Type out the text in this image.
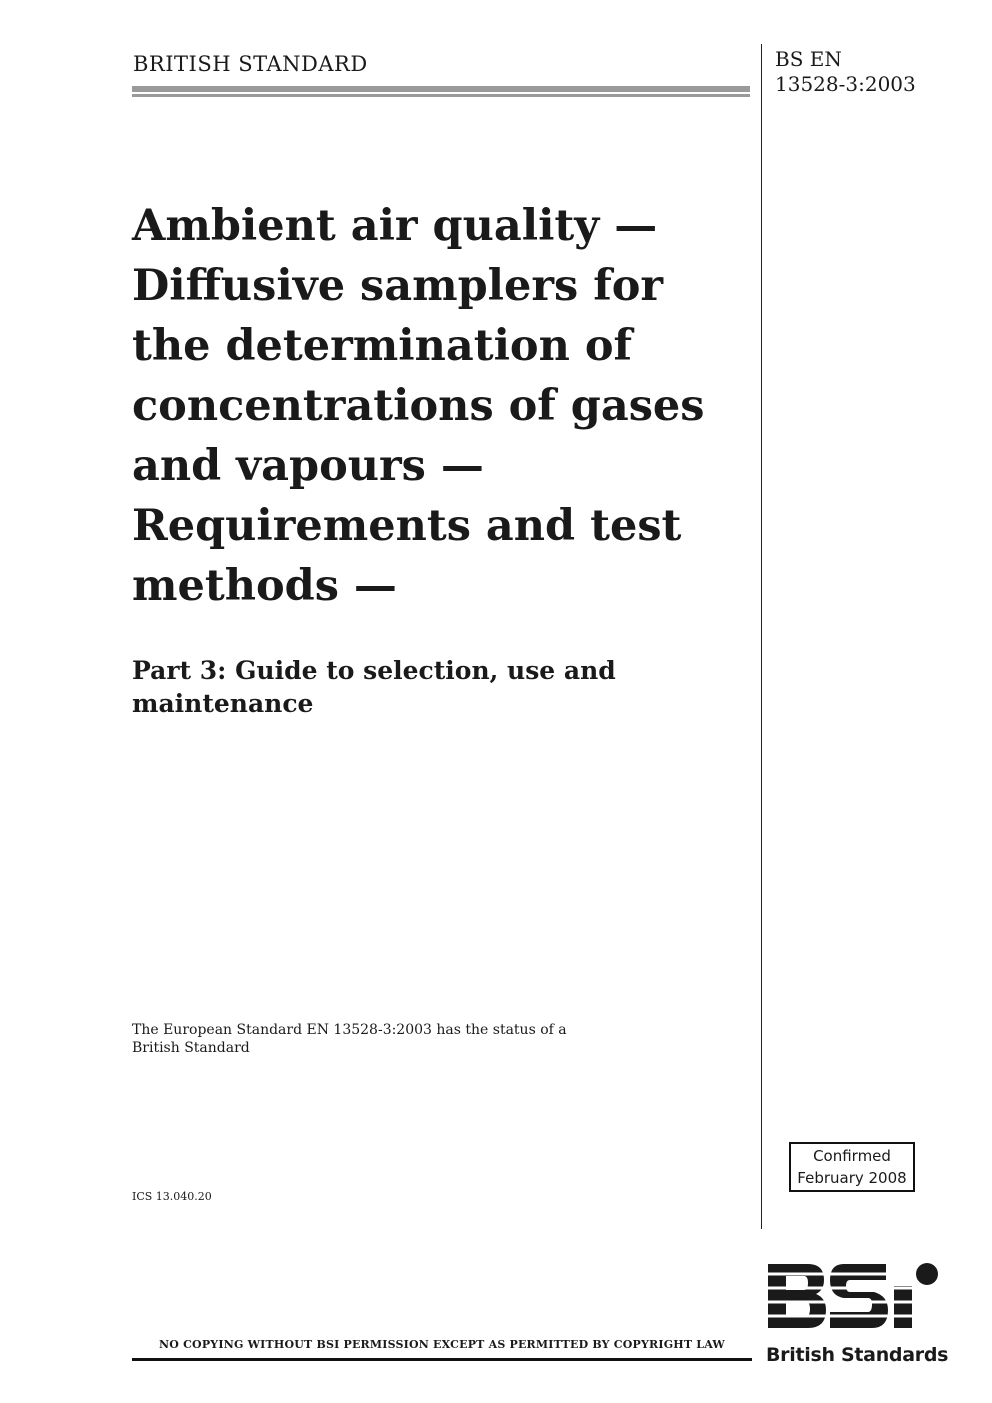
BRITISH STANDARD	BS EN
13528-3:2003
Ambient air quality —
Diffusive samplers for
the determination of
concentrations of gases
and vapours —
Requirements and test
methods —
Part 3: Guide to selection, use and
maintenance
The European Standard EN 13528-3:2003 has the status of a
British Standard
ICS 13.040.20
Confirmed
February 2008
NO COPYING WITHOUT BSI PERMISSION EXCEPT AS PERMITTED BY COPYRIGHT LAW	British Standards
